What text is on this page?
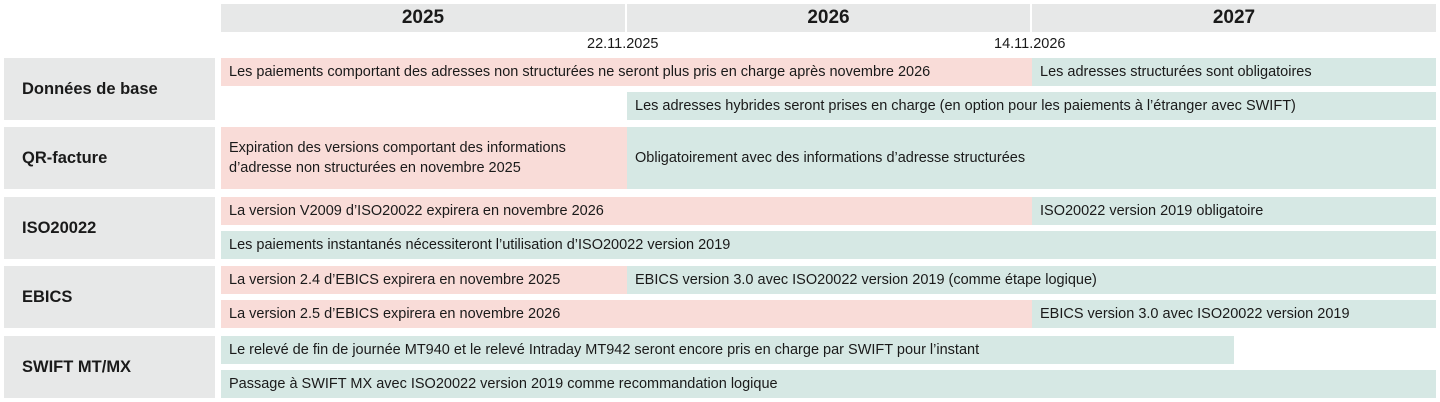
2025	2026	2027
22.11.2025	14.11.2026
Données de base
Les paiements comportant des adresses non structurées ne seront plus pris en charge après novembre 2026	Les adresses structurées sont obligatoires
Les adresses hybrides seront prises en charge (en option pour les paiements à l’étranger avec SWIFT)
QR-facture
Expiration des versions comportant des informations d’adresse non structurées en novembre 2025
Obligatoirement avec des informations d’adresse structurées
ISO20022
La version V2009 d’ISO20022 expirera en novembre 2026	ISO20022 version 2019 obligatoire
Les paiements instantanés nécessiteront l’utilisation d’ISO20022 version 2019
EBICS
La version 2.4 d’EBICS expirera en novembre 2025	EBICS version 3.0 avec ISO20022 version 2019 (comme étape logique)
La version 2.5 d’EBICS expirera en novembre 2026	EBICS version 3.0 avec ISO20022 version 2019
SWIFT MT/MX
Le relevé de fin de journée MT940 et le relevé Intraday MT942 seront encore pris en charge par SWIFT pour l’instant
Passage à SWIFT MX avec ISO20022 version 2019 comme recommandation logique
